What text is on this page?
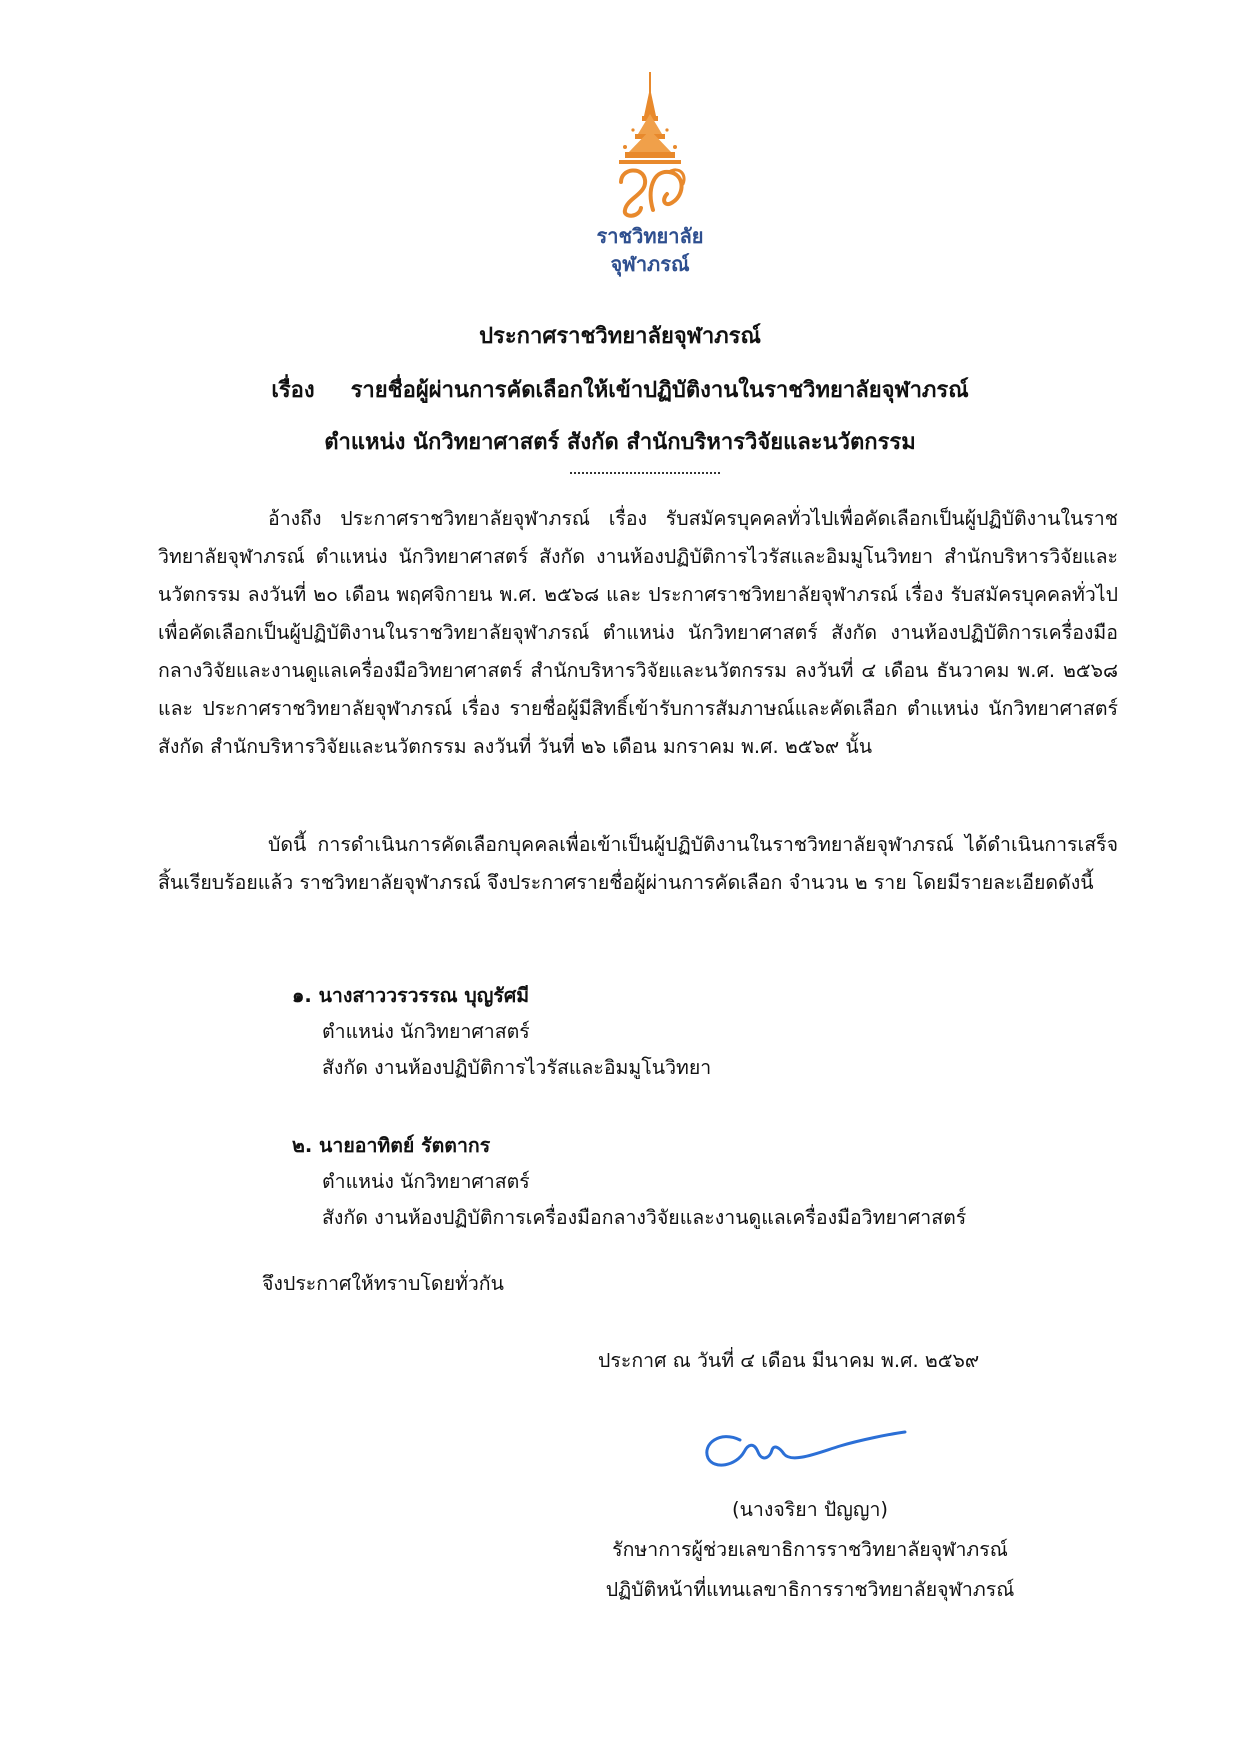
ราชวิทยาลัย
จุฬาภรณ์
ประกาศราชวิทยาลัยจุฬาภรณ์
เรื่อง รายชื่อผู้ผ่านการคัดเลือกให้เข้าปฏิบัติงานในราชวิทยาลัยจุฬาภรณ์
ตำแหน่ง นักวิทยาศาสตร์ สังกัด สำนักบริหารวิจัยและนวัตกรรม
อ้างถึง ประกาศราชวิทยาลัยจุฬาภรณ์ เรื่อง รับสมัครบุคคลทั่วไปเพื่อคัดเลือกเป็นผู้ปฏิบัติงานในราชวิทยาลัยจุฬาภรณ์ ตำแหน่ง นักวิทยาศาสตร์ สังกัด งานห้องปฏิบัติการไวรัสและอิมมูโนวิทยา สำนักบริหารวิจัยและนวัตกรรม ลงวันที่ ๒๐ เดือน พฤศจิกายน พ.ศ. ๒๕๖๘ และ ประกาศราชวิทยาลัยจุฬาภรณ์ เรื่อง รับสมัครบุคคลทั่วไปเพื่อคัดเลือกเป็นผู้ปฏิบัติงานในราชวิทยาลัยจุฬาภรณ์ ตำแหน่ง นักวิทยาศาสตร์ สังกัด งานห้องปฏิบัติการเครื่องมือกลางวิจัยและงานดูแลเครื่องมือวิทยาศาสตร์ สำนักบริหารวิจัยและนวัตกรรม ลงวันที่ ๔ เดือน ธันวาคม พ.ศ. ๒๕๖๘ และ ประกาศราชวิทยาลัยจุฬาภรณ์ เรื่อง รายชื่อผู้มีสิทธิ์เข้ารับการสัมภาษณ์และคัดเลือก ตำแหน่ง นักวิทยาศาสตร์ สังกัด สำนักบริหารวิจัยและนวัตกรรม ลงวันที่ วันที่ ๒๖ เดือน มกราคม พ.ศ. ๒๕๖๙ นั้น
บัดนี้ การดำเนินการคัดเลือกบุคคลเพื่อเข้าเป็นผู้ปฏิบัติงานในราชวิทยาลัยจุฬาภรณ์ ได้ดำเนินการเสร็จสิ้นเรียบร้อยแล้ว ราชวิทยาลัยจุฬาภรณ์ จึงประกาศรายชื่อผู้ผ่านการคัดเลือก จำนวน ๒ ราย โดยมีรายละเอียดดังนี้
๑. นางสาววรวรรณ บุญรัศมี
ตำแหน่ง นักวิทยาศาสตร์
สังกัด งานห้องปฏิบัติการไวรัสและอิมมูโนวิทยา
๒. นายอาทิตย์ รัตตากร
ตำแหน่ง นักวิทยาศาสตร์
สังกัด งานห้องปฏิบัติการเครื่องมือกลางวิจัยและงานดูแลเครื่องมือวิทยาศาสตร์
จึงประกาศให้ทราบโดยทั่วกัน
ประกาศ ณ วันที่ ๔ เดือน มีนาคม พ.ศ. ๒๕๖๙
(นางจริยา ปัญญา)
รักษาการผู้ช่วยเลขาธิการราชวิทยาลัยจุฬาภรณ์
ปฏิบัติหน้าที่แทนเลขาธิการราชวิทยาลัยจุฬาภรณ์
